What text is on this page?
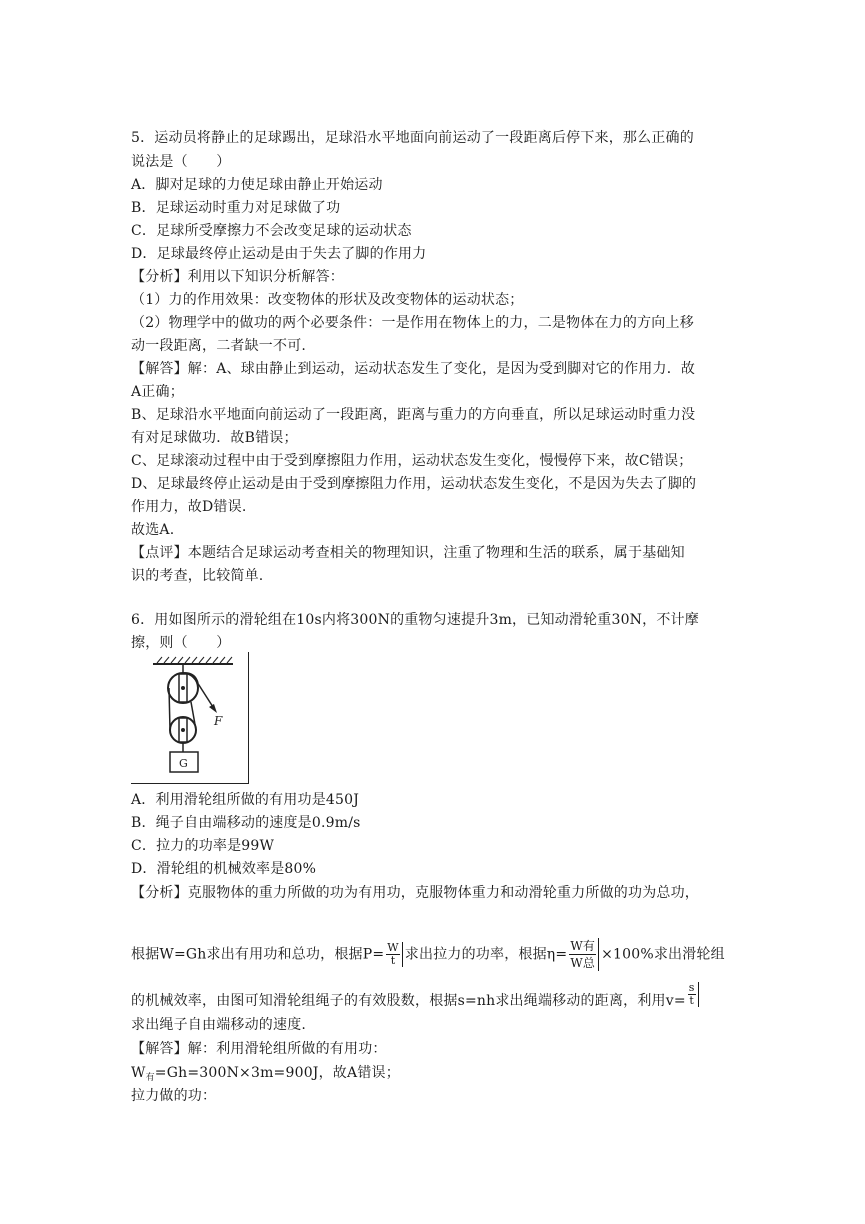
5．运动员将静止的足球踢出，足球沿水平地面向前运动了一段距离后停下来，那么正确的
说法是（　　）
A．脚对足球的力使足球由静止开始运动
B．足球运动时重力对足球做了功
C．足球所受摩擦力不会改变足球的运动状态
D．足球最终停止运动是由于失去了脚的作用力
【分析】利用以下知识分析解答：
（1）力的作用效果：改变物体的形状及改变物体的运动状态；
（2）物理学中的做功的两个必要条件：一是作用在物体上的力，二是物体在力的方向上移
动一段距离，二者缺一不可.
【解答】解：A、球由静止到运动，运动状态发生了变化，是因为受到脚对它的作用力．故
A正确；
B、足球沿水平地面向前运动了一段距离，距离与重力的方向垂直，所以足球运动时重力没
有对足球做功．故B错误；
C、足球滚动过程中由于受到摩擦阻力作用，运动状态发生变化，慢慢停下来，故C错误；
D、足球最终停止运动是由于受到摩擦阻力作用，运动状态发生变化，不是因为失去了脚的
作用力，故D错误.
故选A.
【点评】本题结合足球运动考查相关的物理知识，注重了物理和生活的联系，属于基础知
识的考查，比较简单.
6．用如图所示的滑轮组在10s内将300N的重物匀速提升3m，已知动滑轮重30N，不计摩
擦，则（　　）
F
G
A．利用滑轮组所做的有用功是450J
B．绳子自由端移动的速度是0.9m/s
C．拉力的功率是99W
D．滑轮组的机械效率是80%
【分析】克服物体的重力所做的功为有用功，克服物体重力和动滑轮重力所做的功为总功，
根据W=Gh求出有用功和总功，根据$P= \frac{W}{t}$ 求出拉力的功率，根据$\eta= \frac{\text{W有}}{\text{W总}} \times 100\%$求出滑轮组
的机械效率，由图可知滑轮组绳子的有效股数，根据s=nh求出绳端移动的距离，利用$v= \frac{s}{t}$
求出绳子自由端移动的速度.
【解答】解：利用滑轮组所做的有用功：
$W_有=Gh=300N\times 3m=900J$，故A错误；
拉力做的功：
